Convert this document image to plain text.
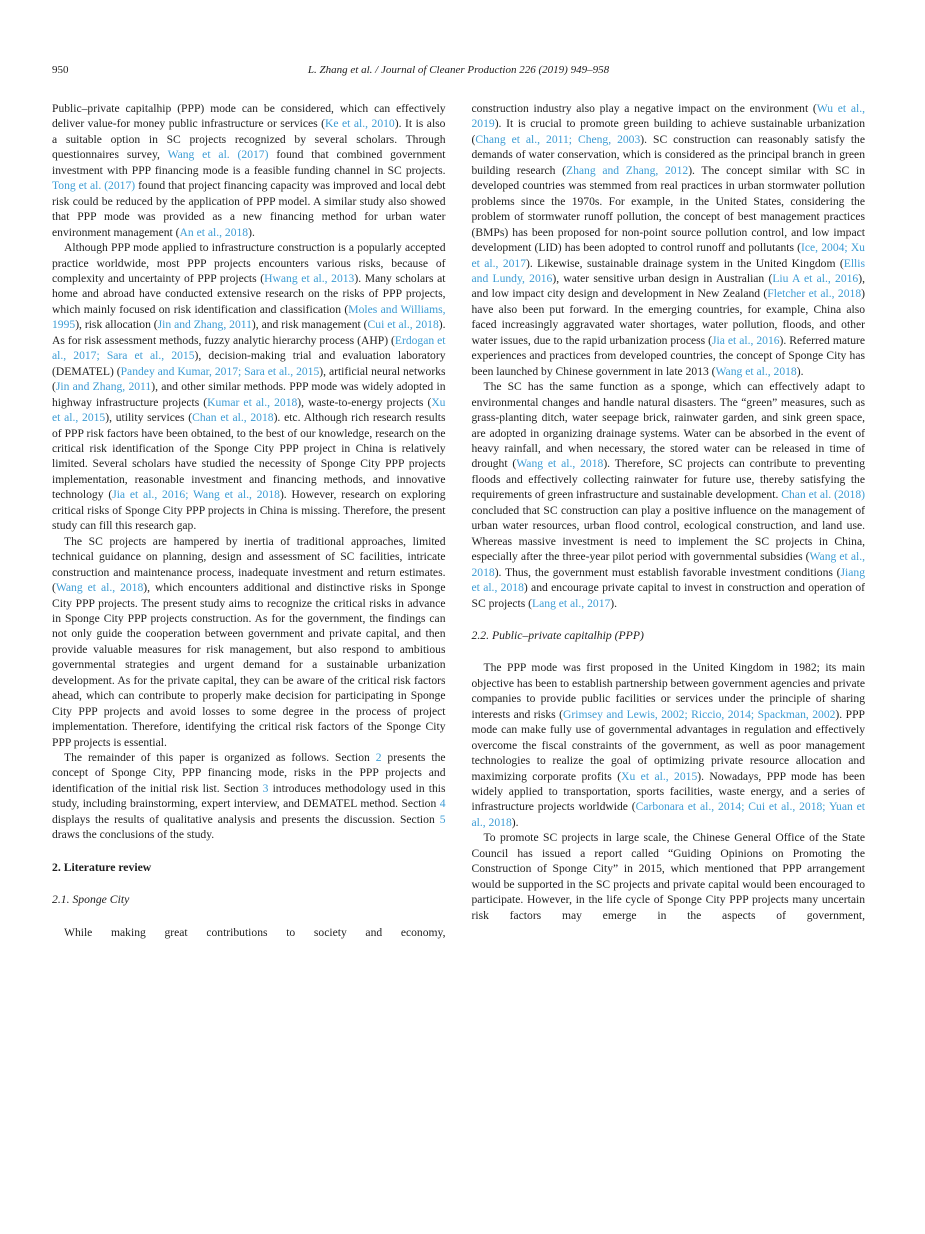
950	L. Zhang et al. / Journal of Cleaner Production 226 (2019) 949–958

Public–private capitalhip (PPP) mode can be considered, which can effectively deliver value-for money public infrastructure or services (Ke et al., 2010). It is also a suitable option in SC projects recognized by several scholars. Through questionnaires survey, Wang et al. (2017) found that combined government investment with PPP financing mode is a feasible funding channel in SC projects. Tong et al. (2017) found that project financing capacity was improved and local debt risk could be reduced by the application of PPP model. A similar study also showed that PPP mode was provided as a new financing method for urban water environment management (An et al., 2018).

Although PPP mode applied to infrastructure construction is a popularly accepted practice worldwide, most PPP projects encounters various risks, because of complexity and uncertainty of PPP projects (Hwang et al., 2013). Many scholars at home and abroad have conducted extensive research on the risks of PPP projects, which mainly focused on risk identification and classification (Moles and Williams, 1995), risk allocation (Jin and Zhang, 2011), and risk management (Cui et al., 2018). As for risk assessment methods, fuzzy analytic hierarchy process (AHP) (Erdogan et al., 2017; Sara et al., 2015), decision-making trial and evaluation laboratory (DEMATEL) (Pandey and Kumar, 2017; Sara et al., 2015), artificial neural networks (Jin and Zhang, 2011), and other similar methods. PPP mode was widely adopted in highway infrastructure projects (Kumar et al., 2018), waste-to-energy projects (Xu et al., 2015), utility services (Chan et al., 2018). etc. Although rich research results of PPP risk factors have been obtained, to the best of our knowledge, research on the critical risk identification of the Sponge City PPP project in China is relatively limited. Several scholars have studied the necessity of Sponge City PPP projects implementation, reasonable investment and financing methods, and innovative technology (Jia et al., 2016; Wang et al., 2018). However, research on exploring critical risks of Sponge City PPP projects in China is missing. Therefore, the present study can fill this research gap.

The SC projects are hampered by inertia of traditional approaches, limited technical guidance on planning, design and assessment of SC facilities, intricate construction and maintenance process, inadequate investment and return estimates. (Wang et al., 2018), which encounters additional and distinctive risks in Sponge City PPP projects. The present study aims to recognize the critical risks in advance in Sponge City PPP projects construction. As for the government, the findings can not only guide the cooperation between government and private capital, and then provide valuable measures for risk management, but also respond to ambitious governmental strategies and urgent demand for a sustainable urbanization development. As for the private capital, they can be aware of the critical risk factors ahead, which can contribute to properly make decision for participating in Sponge City PPP projects and avoid losses to some degree in the process of project implementation. Therefore, identifying the critical risk factors of the Sponge City PPP projects is essential.

The remainder of this paper is organized as follows. Section 2 presents the concept of Sponge City, PPP financing mode, risks in the PPP projects and identification of the initial risk list. Section 3 introduces methodology used in this study, including brainstorming, expert interview, and DEMATEL method. Section 4 displays the results of qualitative analysis and presents the discussion. Section 5 draws the conclusions of the study.

2. Literature review
2.1. Sponge City

While making great contributions to society and economy,

construction industry also play a negative impact on the environment (Wu et al., 2019). It is crucial to promote green building to achieve sustainable urbanization (Chang et al., 2011; Cheng, 2003). SC construction can reasonably satisfy the demands of water conservation, which is considered as the principal branch in green building research (Zhang and Zhang, 2012). The concept similar with SC in developed countries was stemmed from real practices in urban stormwater pollution problems since the 1970s. For example, in the United States, considering the problem of stormwater runoff pollution, the concept of best management practices (BMPs) has been proposed for non-point source pollution control, and low impact development (LID) has been adopted to control runoff and pollutants (Ice, 2004; Xu et al., 2017). Likewise, sustainable drainage system in the United Kingdom (Ellis and Lundy, 2016), water sensitive urban design in Australian (Liu A et al., 2016), and low impact city design and development in New Zealand (Fletcher et al., 2018) have also been put forward. In the emerging countries, for example, China also faced increasingly aggravated water shortages, water pollution, floods, and other water issues, due to the rapid urbanization process (Jia et al., 2016). Referred mature experiences and practices from developed countries, the concept of Sponge City has been launched by Chinese government in late 2013 (Wang et al., 2018).

The SC has the same function as a sponge, which can effectively adapt to environmental changes and handle natural disasters. The “green” measures, such as grass-planting ditch, water seepage brick, rainwater garden, and sink green space, are adopted in organizing drainage systems. Water can be absorbed in the event of heavy rainfall, and when necessary, the stored water can be released in time of drought (Wang et al., 2018). Therefore, SC projects can contribute to preventing floods and effectively collecting rainwater for future use, thereby satisfying the requirements of green infrastructure and sustainable development. Chan et al. (2018) concluded that SC construction can play a positive influence on the management of urban water resources, urban flood control, ecological construction, and land use. Whereas massive investment is need to implement the SC projects in China, especially after the three-year pilot period with governmental subsidies (Wang et al., 2018). Thus, the government must establish favorable investment conditions (Jiang et al., 2018) and encourage private capital to invest in construction and operation of SC projects (Lang et al., 2017).

2.2. Public–private capitalhip (PPP)

The PPP mode was first proposed in the United Kingdom in 1982; its main objective has been to establish partnership between government agencies and private companies to provide public facilities or services under the principle of sharing interests and risks (Grimsey and Lewis, 2002; Riccio, 2014; Spackman, 2002). PPP mode can make fully use of governmental advantages in regulation and effectively overcome the fiscal constraints of the government, as well as poor management technologies to realize the goal of optimizing private resource allocation and maximizing corporate profits (Xu et al., 2015). Nowadays, PPP mode has been widely applied to transportation, sports facilities, waste energy, and a series of infrastructure projects worldwide (Carbonara et al., 2014; Cui et al., 2018; Yuan et al., 2018).

To promote SC projects in large scale, the Chinese General Office of the State Council has issued a report called “Guiding Opinions on Promoting the Construction of Sponge City” in 2015, which mentioned that PPP arrangement would be supported in the SC projects and private capital would been encouraged to participate. However, in the life cycle of Sponge City PPP projects many uncertain risk factors may emerge in the aspects of government,
